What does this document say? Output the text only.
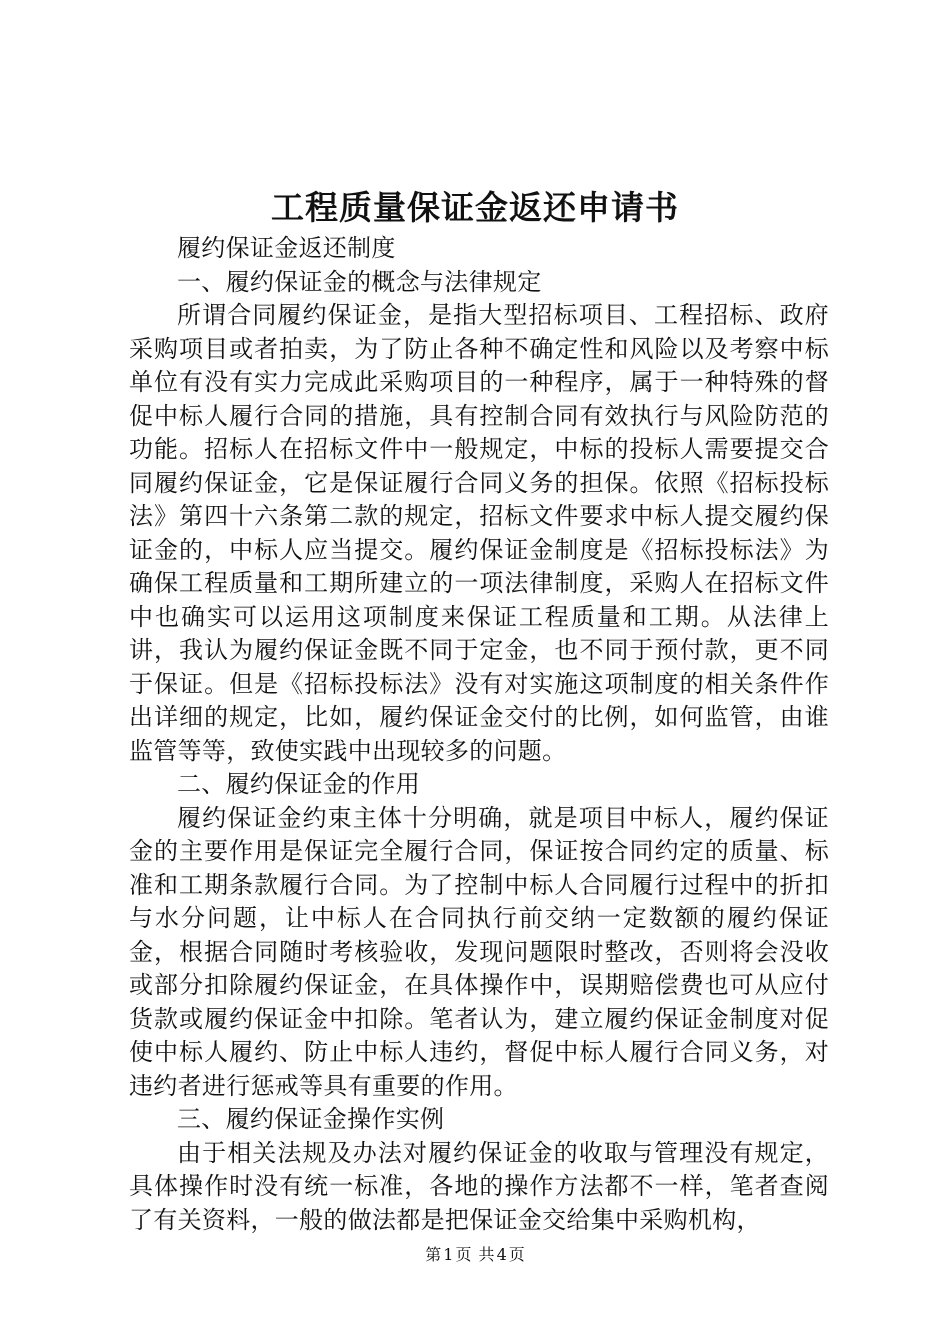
工程质量保证金返还申请书

履约保证金返还制度

一、履约保证金的概念与法律规定

所谓合同履约保证金，是指大型招标项目、工程招标、政府采购项目或者拍卖，为了防止各种不确定性和风险以及考察中标单位有没有实力完成此采购项目的一种程序，属于一种特殊的督促中标人履行合同的措施，具有控制合同有效执行与风险防范的功能。招标人在招标文件中一般规定，中标的投标人需要提交合同履约保证金，它是保证履行合同义务的担保。依照《招标投标法》第四十六条第二款的规定，招标文件要求中标人提交履约保证金的，中标人应当提交。履约保证金制度是《招标投标法》为确保工程质量和工期所建立的一项法律制度，采购人在招标文件中也确实可以运用这项制度来保证工程质量和工期。从法律上讲，我认为履约保证金既不同于定金，也不同于预付款，更不同于保证。但是《招标投标法》没有对实施这项制度的相关条件作出详细的规定，比如，履约保证金交付的比例，如何监管，由谁监管等等，致使实践中出现较多的问题。

二、履约保证金的作用

履约保证金约束主体十分明确，就是项目中标人，履约保证金的主要作用是保证完全履行合同，保证按合同约定的质量、标准和工期条款履行合同。为了控制中标人合同履行过程中的折扣与水分问题，让中标人在合同执行前交纳一定数额的履约保证金，根据合同随时考核验收，发现问题限时整改，否则将会没收或部分扣除履约保证金，在具体操作中，误期赔偿费也可从应付货款或履约保证金中扣除。笔者认为，建立履约保证金制度对促使中标人履约、防止中标人违约，督促中标人履行合同义务，对违约者进行惩戒等具有重要的作用。

三、履约保证金操作实例

由于相关法规及办法对履约保证金的收取与管理没有规定，具体操作时没有统一标准，各地的操作方法都不一样，笔者查阅了有关资料，一般的做法都是把保证金交给集中采购机构，

第 1 页 共 4 页
